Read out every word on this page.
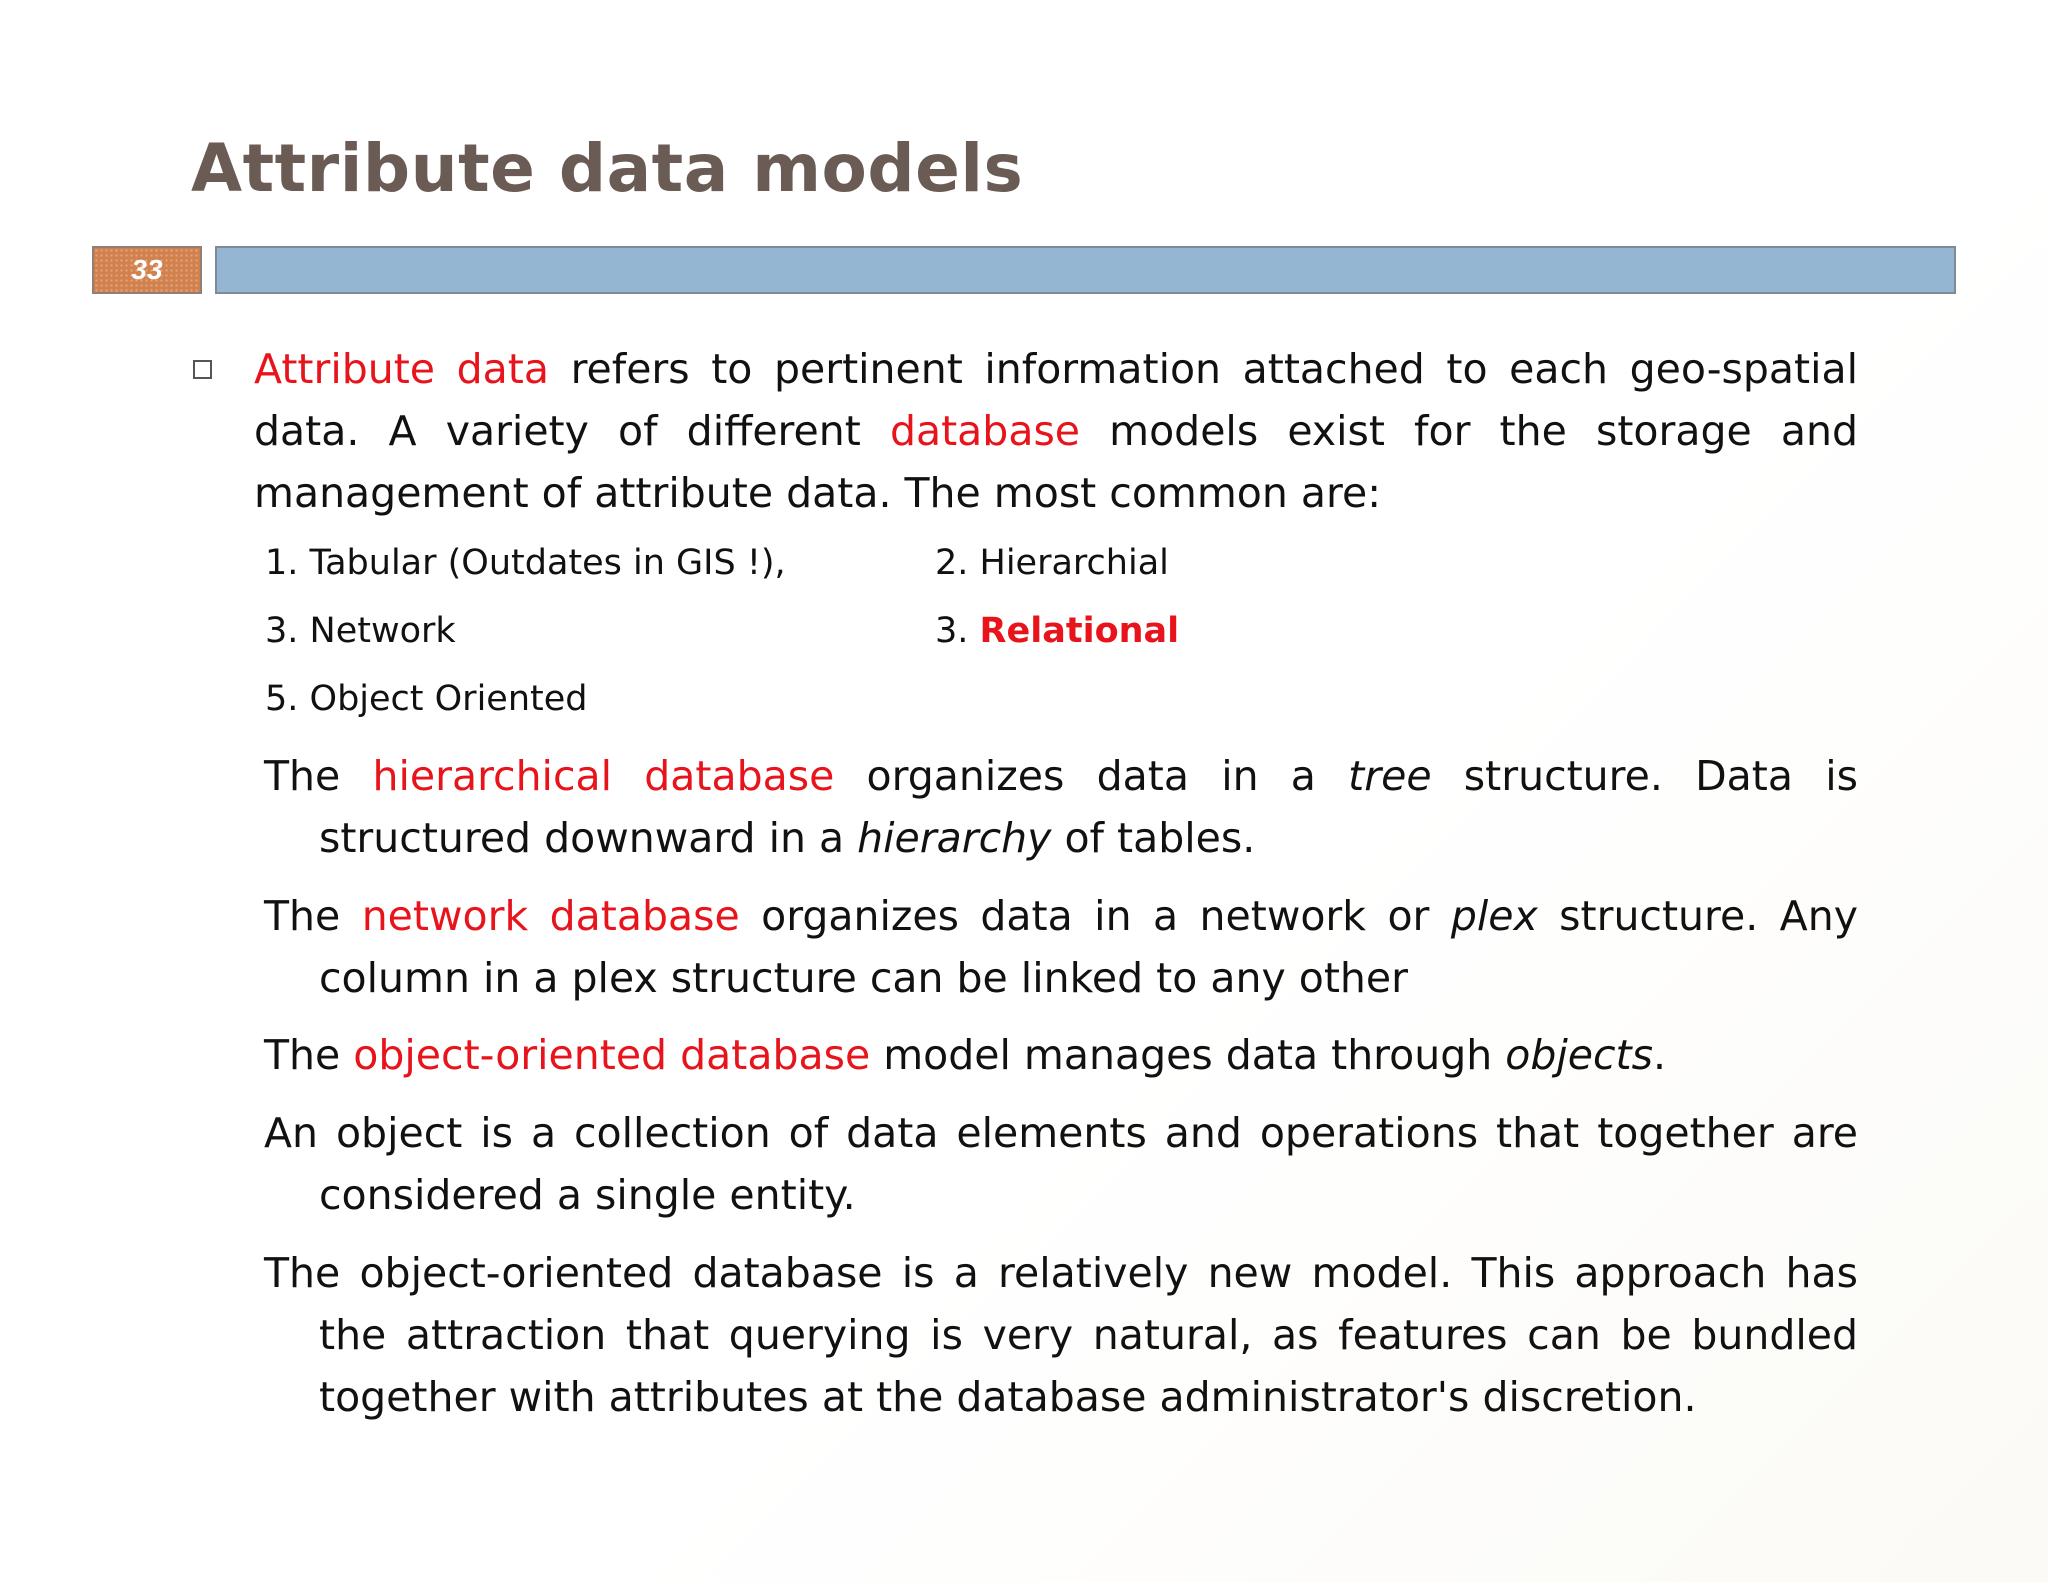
Attribute data models
33

Attribute data refers to pertinent information attached to each geo-spatial data. A variety of different database models exist for the storage and
management of attribute data. The most common are:

1. Tabular (Outdates in GIS !),	2. Hierarchial
3. Network	3. Relational
5. Object Oriented

The hierarchical database organizes data in a tree structure. Data is
structured downward in a hierarchy of tables.

The network database organizes data in a network or plex structure. Any
column in a plex structure can be linked to any other

The object-oriented database model manages data through objects.

An object is a collection of data elements and operations that together are
considered a single entity.

The object-oriented database is a relatively new model. This approach has
the attraction that querying is very natural, as features can be bundled
together with attributes at the database administrator's discretion.
